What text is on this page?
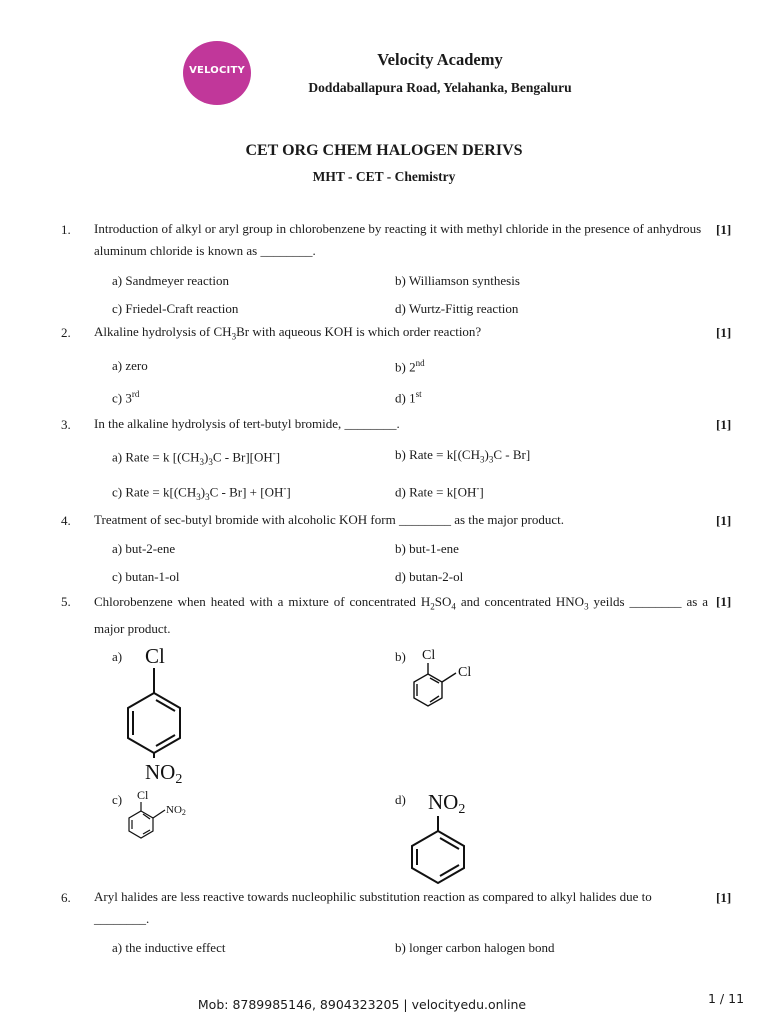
VELOCITY
Velocity Academy
Doddaballapura Road, Yelahanka, Bengaluru
CET ORG CHEM HALOGEN DERIVS
MHT - CET - Chemistry
1. Introduction of alkyl or aryl group in chlorobenzene by reacting it with methyl chloride in the presence of anhydrous aluminum chloride is known as ________.
[1]
a) Sandmeyer reaction	b) Williamson synthesis
c) Friedel-Craft reaction	d) Wurtz-Fittig reaction
2. Alkaline hydrolysis of $CH_3Br$ with aqueous KOH is which order reaction?	[1]
a) zero	b) 2nd
c) 3rd	d) 1st
3. In the alkaline hydrolysis of tert-butyl bromide, ________.	[1]
a) Rate = k $[(CH_3)_3C - Br][OH^-]$	b) Rate = $k[(CH_3)_3C - Br]$
c) Rate = $k[(CH_3)_3C - Br] + [OH^-]$	d) Rate = k[OH-]
4. Treatment of sec-butyl bromide with alcoholic KOH form ________ as the major product.	[1]
a) but-2-ene	b) but-1-ene
c) butan-1-ol	d) butan-2-ol
5. Chlorobenzene when heated with a mixture of concentrated $H_2SO_4$ and concentrated $HNO_3$ yeilds ________ as a major product.
[1]
a) Cl
NO2
b) Cl
Cl
c) Cl
NO2
d) NO2
6. Aryl halides are less reactive towards nucleophilic substitution reaction as compared to alkyl halides due to ________.
[1]
a) the inductive effect	b) longer carbon halogen bond
Mob: 8789985146, 8904323205 | velocityedu.online	1 / 11
